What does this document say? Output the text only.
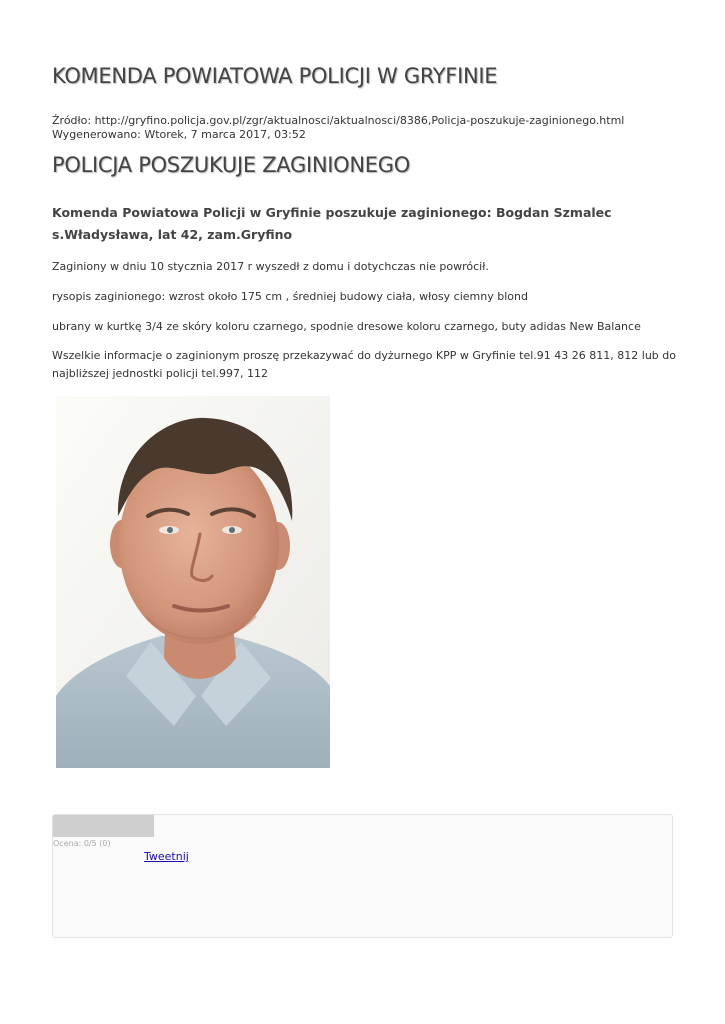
KOMENDA POWIATOWA POLICJI W GRYFINIE
Źródło: http://gryfino.policja.gov.pl/zgr/aktualnosci/aktualnosci/8386,Policja-poszukuje-zaginionego.html
Wygenerowano: Wtorek, 7 marca 2017, 03:52
POLICJA POSZUKUJE ZAGINIONEGO
Komenda Powiatowa Policji w Gryfinie poszukuje zaginionego: Bogdan Szmalec s.Władysława, lat 42, zam.Gryfino
Zaginiony w dniu 10 stycznia 2017 r wyszedł z domu i dotychczas nie powrócił.
rysopis zaginionego: wzrost około 175 cm , średniej budowy ciała, włosy ciemny blond
ubrany w kurtkę 3/4 ze skóry koloru czarnego, spodnie dresowe koloru czarnego, buty adidas New Balance
Wszelkie informacje o zaginionym proszę przekazywać do dyżurnego KPP w Gryfinie tel.91 43 26 811, 812 lub do najbliższej jednostki policji tel.997, 112
Ocena: 0/5 (0)
Tweetnij
